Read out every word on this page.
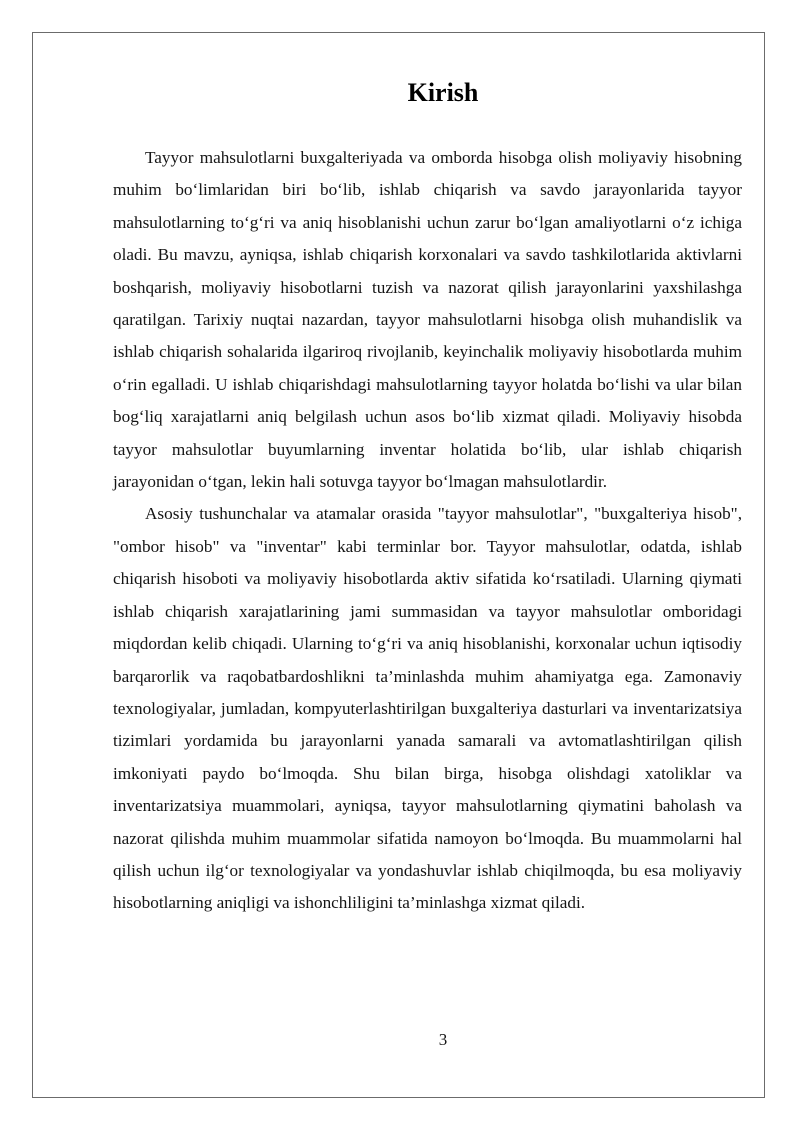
Kirish

Tayyor mahsulotlarni buxgalteriyada va omborda hisobga olish moliyaviy hisobning muhim bo‘limlaridan biri bo‘lib, ishlab chiqarish va savdo jarayonlarida tayyor mahsulotlarning to‘g‘ri va aniq hisoblanishi uchun zarur bo‘lgan amaliyotlarni o‘z ichiga oladi. Bu mavzu, ayniqsa, ishlab chiqarish korxonalari va savdo tashkilotlarida aktivlarni boshqarish, moliyaviy hisobotlarni tuzish va nazorat qilish jarayonlarini yaxshilashga qaratilgan. Tarixiy nuqtai nazardan, tayyor mahsulotlarni hisobga olish muhandislik va ishlab chiqarish sohalarida ilgariroq rivojlanib, keyinchalik moliyaviy hisobotlarda muhim o‘rin egalladi. U ishlab chiqarishdagi mahsulotlarning tayyor holatda bo‘lishi va ular bilan bog‘liq xarajatlarni aniq belgilash uchun asos bo‘lib xizmat qiladi. Moliyaviy hisobda tayyor mahsulotlar buyumlarning inventar holatida bo‘lib, ular ishlab chiqarish jarayonidan o‘tgan, lekin hali sotuvga tayyor bo‘lmagan mahsulotlardir.

Asosiy tushunchalar va atamalar orasida "tayyor mahsulotlar", "buxgalteriya hisob", "ombor hisob" va "inventar" kabi terminlar bor. Tayyor mahsulotlar, odatda, ishlab chiqarish hisoboti va moliyaviy hisobotlarda aktiv sifatida ko‘rsatiladi. Ularning qiymati ishlab chiqarish xarajatlarining jami summasidan va tayyor mahsulotlar omboridagi miqdordan kelib chiqadi. Ularning to‘g‘ri va aniq hisoblanishi, korxonalar uchun iqtisodiy barqarorlik va raqobatbardoshlikni ta’minlashda muhim ahamiyatga ega. Zamonaviy texnologiyalar, jumladan, kompyuterlashtirilgan buxgalteriya dasturlari va inventarizatsiya tizimlari yordamida bu jarayonlarni yanada samarali va avtomatlashtirilgan qilish imkoniyati paydo bo‘lmoqda. Shu bilan birga, hisobga olishdagi xatoliklar va inventarizatsiya muammolari, ayniqsa, tayyor mahsulotlarning qiymatini baholash va nazorat qilishda muhim muammolar sifatida namoyon bo‘lmoqda. Bu muammolarni hal qilish uchun ilg‘or texnologiyalar va yondashuvlar ishlab chiqilmoqda, bu esa moliyaviy hisobotlarning aniqligi va ishonchliligini ta’minlashga xizmat qiladi.

3
